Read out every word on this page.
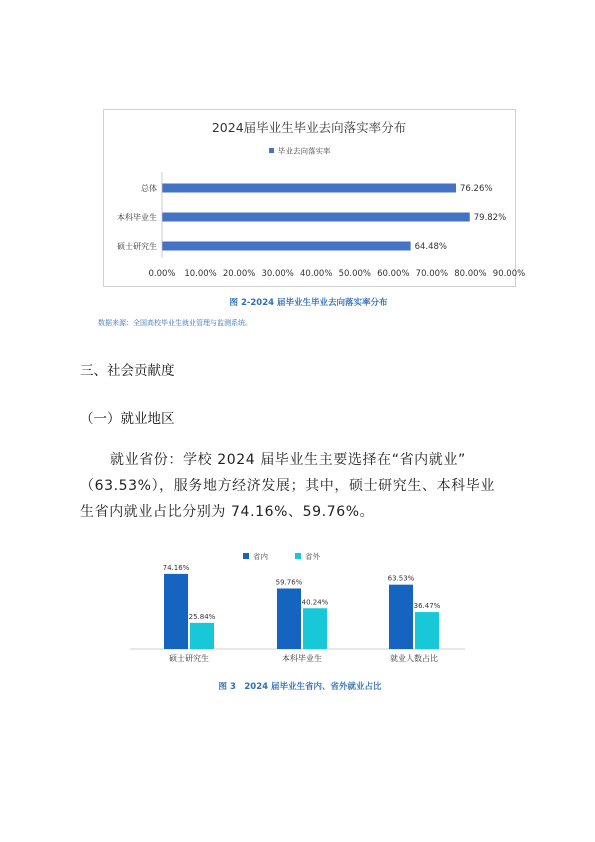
2024届毕业生毕业去向落实率分布
毕业去向落实率
总体	76.26%
本科毕业生	79.82%
硕士研究生	64.48%
0.00% 10.00% 20.00% 30.00% 40.00% 50.00% 60.00% 70.00% 80.00% 90.00%
图 2-2024 届毕业生毕业去向落实率分布
数据来源：全国高校毕业生就业管理与监测系统。
三、社会贡献度
（一）就业地区
就业省份：学校 2024 届毕业生主要选择在“省内就业”
（63.53%），服务地方经济发展；其中，硕士研究生、本科毕业
生省内就业占比分别为 74.16%、59.76%。
省内	省外
74.16%
25.84%
硕士研究生
59.76%
40.24%
本科毕业生
63.53%
36.47%
就业人数占比
图 3　2024 届毕业生省内、省外就业占比
